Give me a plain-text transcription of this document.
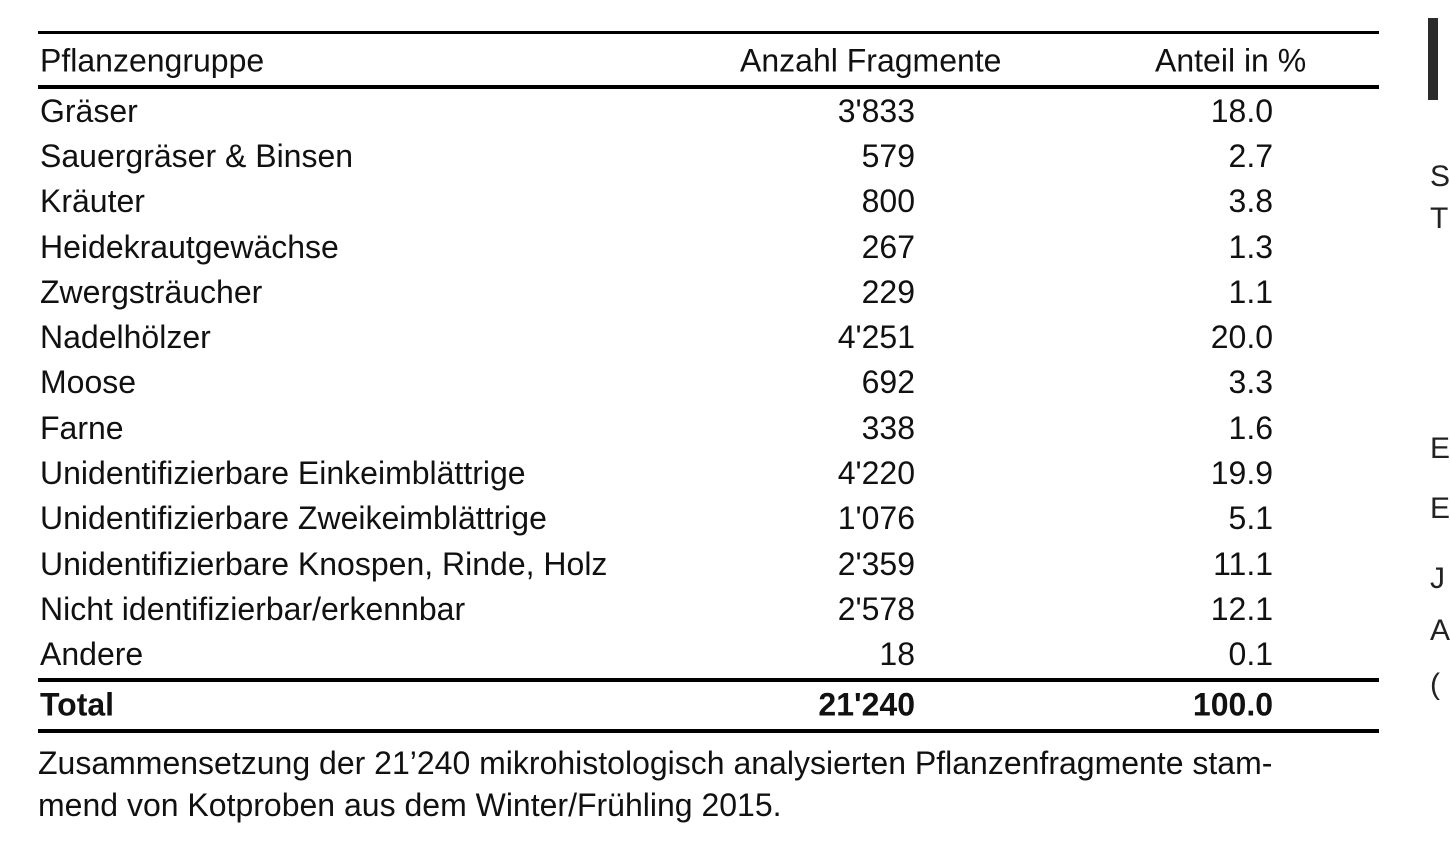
Pflanzengruppe	Anzahl Fragmente	Anteil in %
Gräser	3'833	18.0
Sauergräser & Binsen	579	2.7
Kräuter	800	3.8
Heidekrautgewächse	267	1.3
Zwergsträucher	229	1.1
Nadelhölzer	4'251	20.0
Moose	692	3.3
Farne	338	1.6
Unidentifizierbare Einkeimblättrige	4'220	19.9
Unidentifizierbare Zweikeimblättrige	1'076	5.1
Unidentifizierbare Knospen, Rinde, Holz	2'359	11.1
Nicht identifizierbar/erkennbar	2'578	12.1
Andere	18	0.1
Total	21'240	100.0
Zusammensetzung der 21’240 mikrohistologisch analysierten Pflanzenfragmente stam-
mend von Kotproben aus dem Winter/Frühling 2015.
S
T
E
E
J
A
(
